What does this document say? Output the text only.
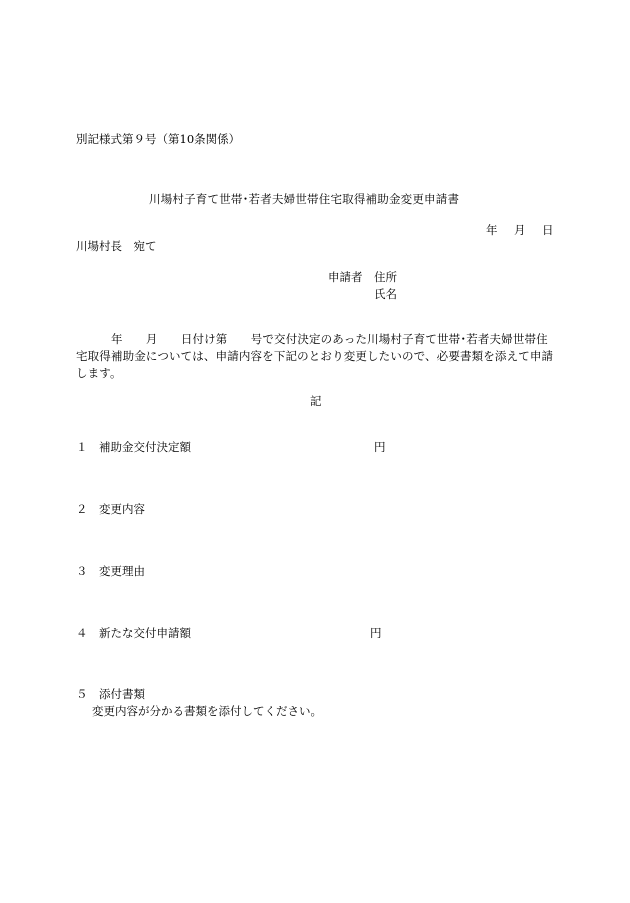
別記様式第９号（第10条関係）
川場村子育て世帯･若者夫婦世帯住宅取得補助金変更申請書
年 月 日
川場村長　宛て
申請者 住所
氏名
　　　年　　月　　日付け第　　号で交付決定のあった川場村子育て世帯･若者夫婦世帯住
宅取得補助金については、申請内容を下記のとおり変更したいので、必要書類を添えて申請
します。
記
１　補助金交付決定額	円
２　変更内容
３　変更理由
４　新たな交付申請額	円
５　添付書類
変更内容が分かる書類を添付してください。
